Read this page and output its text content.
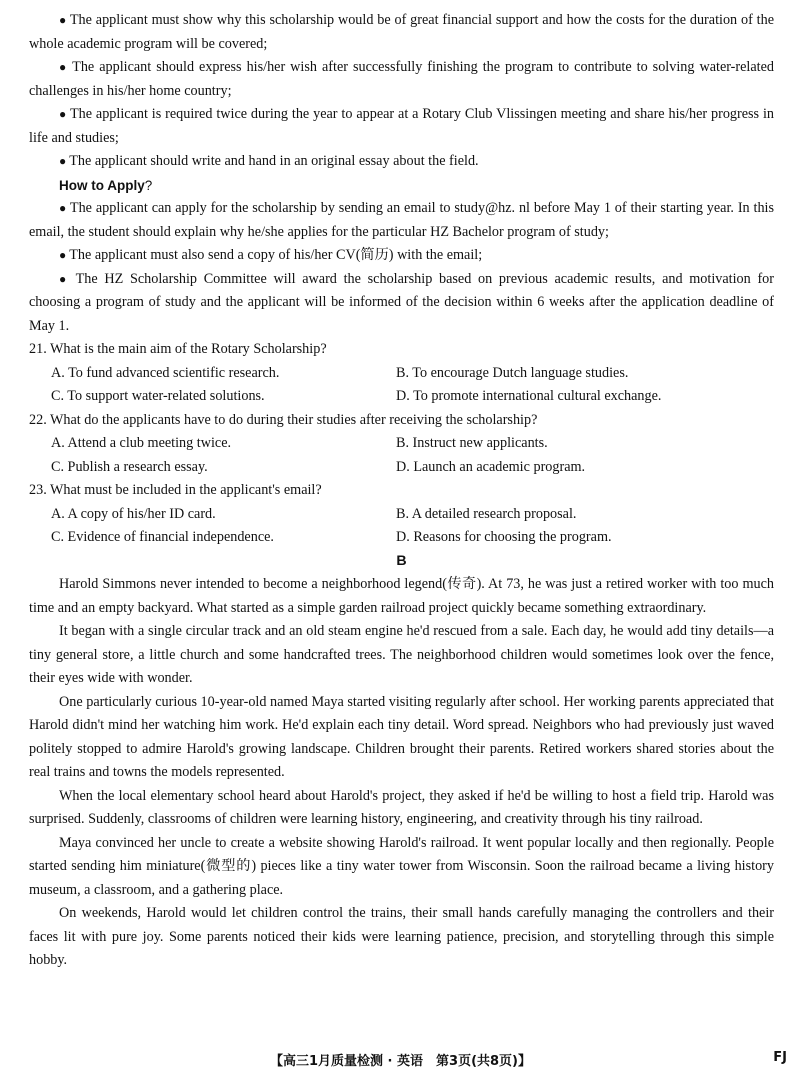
● The applicant must show why this scholarship would be of great financial support and how the costs for the duration of the whole academic program will be covered;

● The applicant should express his/her wish after successfully finishing the program to contribute to solving water-related challenges in his/her home country;

● The applicant is required twice during the year to appear at a Rotary Club Vlissingen meeting and share his/her progress in life and studies;

● The applicant should write and hand in an original essay about the field.

How to Apply?

● The applicant can apply for the scholarship by sending an email to study@hz. nl before May 1 of their starting year. In this email, the student should explain why he/she applies for the particular HZ Bachelor program of study;

● The applicant must also send a copy of his/her CV(简历) with the email;

● The HZ Scholarship Committee will award the scholarship based on previous academic results, and motivation for choosing a program of study and the applicant will be informed of the decision within 6 weeks after the application deadline of May 1.

21. What is the main aim of the Rotary Scholarship?

A. To fund advanced scientific research.	B. To encourage Dutch language studies.
C. To support water-related solutions.	D. To promote international cultural exchange.

22. What do the applicants have to do during their studies after receiving the scholarship?

A. Attend a club meeting twice.	B. Instruct new applicants.
C. Publish a research essay.	D. Launch an academic program.

23. What must be included in the applicant's email?

A. A copy of his/her ID card.	B. A detailed research proposal.
C. Evidence of financial independence.	D. Reasons for choosing the program.

B

Harold Simmons never intended to become a neighborhood legend(传奇). At 73, he was just a retired worker with too much time and an empty backyard. What started as a simple garden railroad project quickly became something extraordinary.

It began with a single circular track and an old steam engine he'd rescued from a sale. Each day, he would add tiny details—a tiny general store, a little church and some handcrafted trees. The neighborhood children would sometimes look over the fence, their eyes wide with wonder.

One particularly curious 10-year-old named Maya started visiting regularly after school. Her working parents appreciated that Harold didn't mind her watching him work. He'd explain each tiny detail. Word spread. Neighbors who had previously just waved politely stopped to admire Harold's growing landscape. Children brought their parents. Retired workers shared stories about the real trains and towns the models represented.

When the local elementary school heard about Harold's project, they asked if he'd be willing to host a field trip. Harold was surprised. Suddenly, classrooms of children were learning history, engineering, and creativity through his tiny railroad.

Maya convinced her uncle to create a website showing Harold's railroad. It went popular locally and then regionally. People started sending him miniature(微型的) pieces like a tiny water tower from Wisconsin. Soon the railroad became a living history museum, a classroom, and a gathering place.

On weekends, Harold would let children control the trains, their small hands carefully managing the controllers and their faces lit with pure joy. Some parents noticed their kids were learning patience, precision, and storytelling through this simple hobby.

【高三1月质量检测 · 英语　第3页(共8页)】	FJ
